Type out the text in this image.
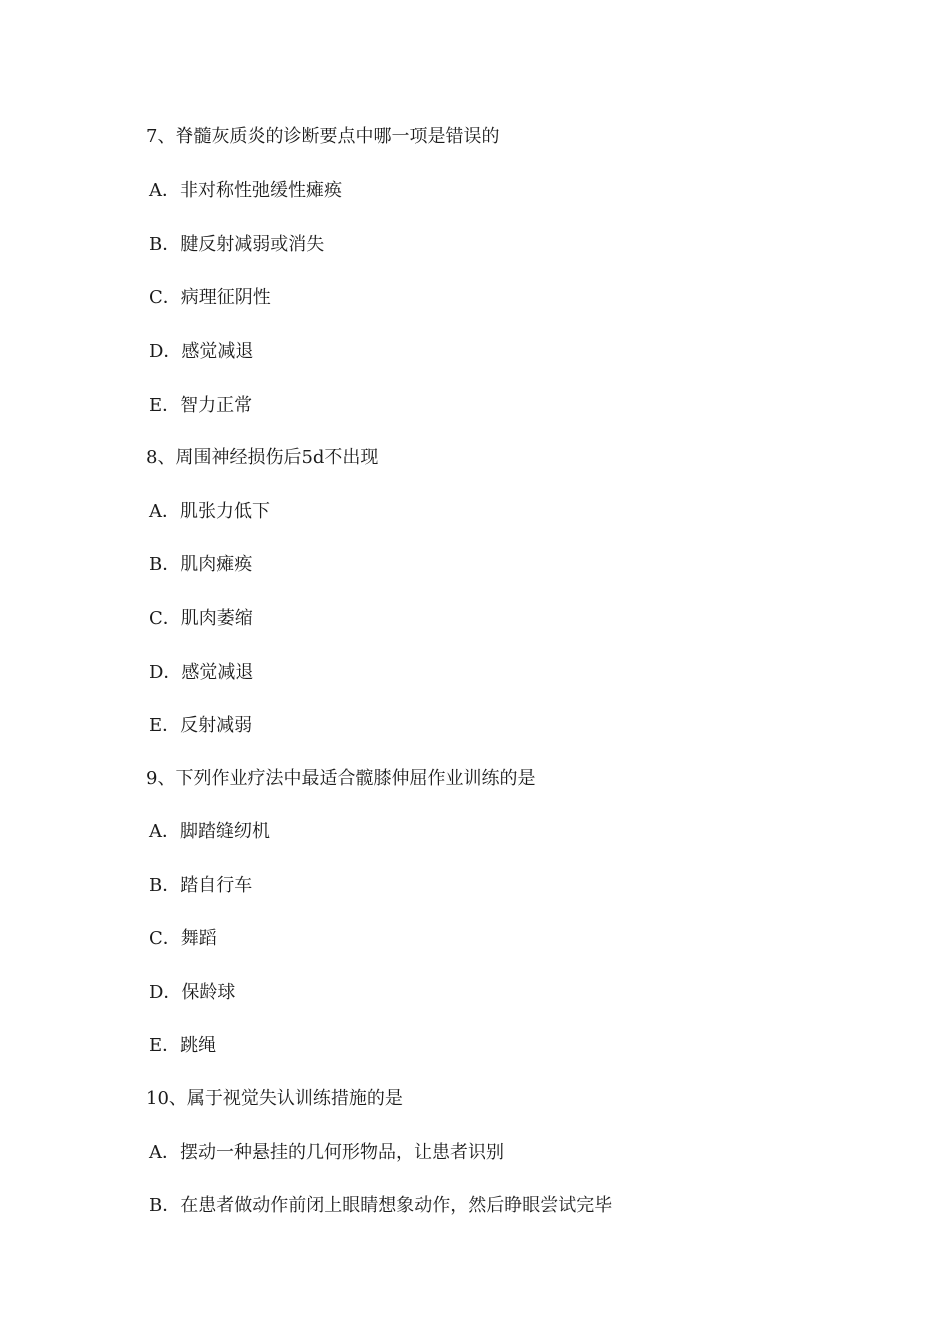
7、脊髓灰质炎的诊断要点中哪一项是错误的
A．非对称性弛缓性瘫痪
B．腱反射减弱或消失
C．病理征阴性
D．感觉减退
E．智力正常
8、周围神经损伤后5d不出现
A．肌张力低下
B．肌肉瘫痪
C．肌肉萎缩
D．感觉减退
E．反射减弱
9、下列作业疗法中最适合髋膝伸屈作业训练的是
A．脚踏缝纫机
B．踏自行车
C．舞蹈
D．保龄球
E．跳绳
10、属于视觉失认训练措施的是
A．摆动一种悬挂的几何形物品，让患者识别
B．在患者做动作前闭上眼睛想象动作，然后睁眼尝试完毕
